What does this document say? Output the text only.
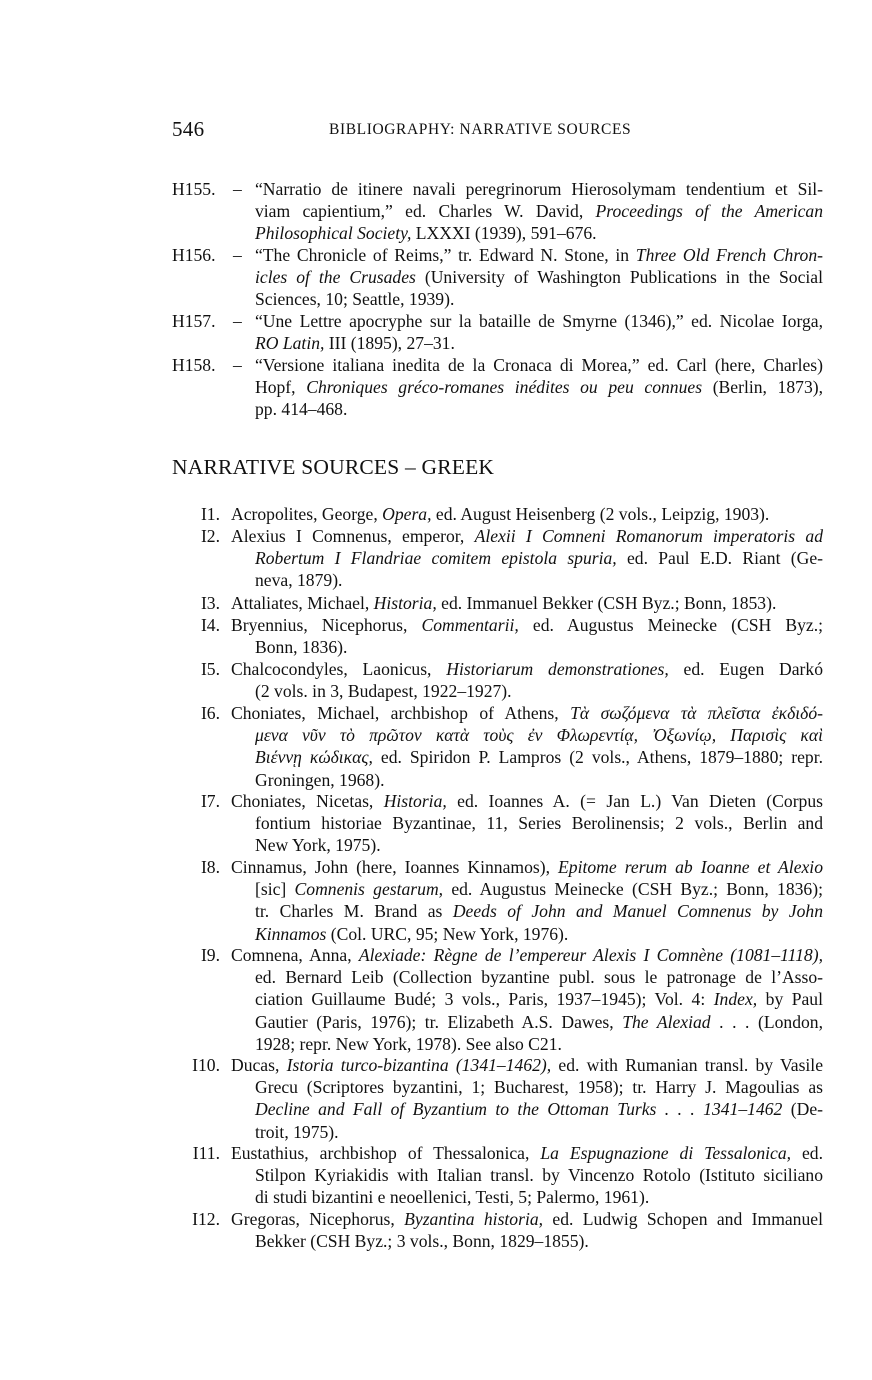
546	BIBLIOGRAPHY: NARRATIVE SOURCES
H155. – “Narratio de itinere navali peregrinorum Hierosolymam tendentium et Sil-
viam capientium,” ed. Charles W. David, Proceedings of the American
Philosophical Society, LXXXI (1939), 591–676.
H156. – “The Chronicle of Reims,” tr. Edward N. Stone, in Three Old French Chron-
icles of the Crusades (University of Washington Publications in the Social
Sciences, 10; Seattle, 1939).
H157. – “Une Lettre apocryphe sur la bataille de Smyrne (1346),” ed. Nicolae Iorga,
RO Latin, III (1895), 27–31.
H158. – “Versione italiana inedita de la Cronaca di Morea,” ed. Carl (here, Charles)
Hopf, Chroniques gréco-romanes inédites ou peu connues (Berlin, 1873),
pp. 414–468.
NARRATIVE SOURCES – GREEK
I1. Acropolites, George, Opera, ed. August Heisenberg (2 vols., Leipzig, 1903).
I2. Alexius I Comnenus, emperor, Alexii I Comneni Romanorum imperatoris ad
Robertum I Flandriae comitem epistola spuria, ed. Paul E.D. Riant (Ge-
neva, 1879).
I3. Attaliates, Michael, Historia, ed. Immanuel Bekker (CSH Byz.; Bonn, 1853).
I4. Bryennius, Nicephorus, Commentarii, ed. Augustus Meinecke (CSH Byz.;
Bonn, 1836).
I5. Chalcocondyles, Laonicus, Historiarum demonstrationes, ed. Eugen Darkó
(2 vols. in 3, Budapest, 1922–1927).
I6. Choniates, Michael, archbishop of Athens, Τὰ σωζόμενα τὰ πλεῖστα ἐκδιδό-
μενα νῦν τὸ πρῶτον κατὰ τοὺς ἐν Φλωρεντίᾳ, Ὀξωνίῳ, Παρισὶς καὶ
Βιέννῃ κώδικας, ed. Spiridon P. Lampros (2 vols., Athens, 1879–1880; repr.
Groningen, 1968).
I7. Choniates, Nicetas, Historia, ed. Ioannes A. (= Jan L.) Van Dieten (Corpus
fontium historiae Byzantinae, 11, Series Berolinensis; 2 vols., Berlin and
New York, 1975).
I8. Cinnamus, John (here, Ioannes Kinnamos), Epitome rerum ab Ioanne et Alexio
[sic] Comnenis gestarum, ed. Augustus Meinecke (CSH Byz.; Bonn, 1836);
tr. Charles M. Brand as Deeds of John and Manuel Comnenus by John
Kinnamos (Col. URC, 95; New York, 1976).
I9. Comnena, Anna, Alexiade: Règne de l’empereur Alexis I Comnène (1081–1118),
ed. Bernard Leib (Collection byzantine publ. sous le patronage de l’Asso-
ciation Guillaume Budé; 3 vols., Paris, 1937–1945); Vol. 4: Index, by Paul
Gautier (Paris, 1976); tr. Elizabeth A.S. Dawes, The Alexiad . . . (London,
1928; repr. New York, 1978). See also C21.
I10. Ducas, Istoria turco-bizantina (1341–1462), ed. with Rumanian transl. by Vasile
Grecu (Scriptores byzantini, 1; Bucharest, 1958); tr. Harry J. Magoulias as
Decline and Fall of Byzantium to the Ottoman Turks . . . 1341–1462 (De-
troit, 1975).
I11. Eustathius, archbishop of Thessalonica, La Espugnazione di Tessalonica, ed.
Stilpon Kyriakidis with Italian transl. by Vincenzo Rotolo (Istituto siciliano
di studi bizantini e neoellenici, Testi, 5; Palermo, 1961).
I12. Gregoras, Nicephorus, Byzantina historia, ed. Ludwig Schopen and Immanuel
Bekker (CSH Byz.; 3 vols., Bonn, 1829–1855).
